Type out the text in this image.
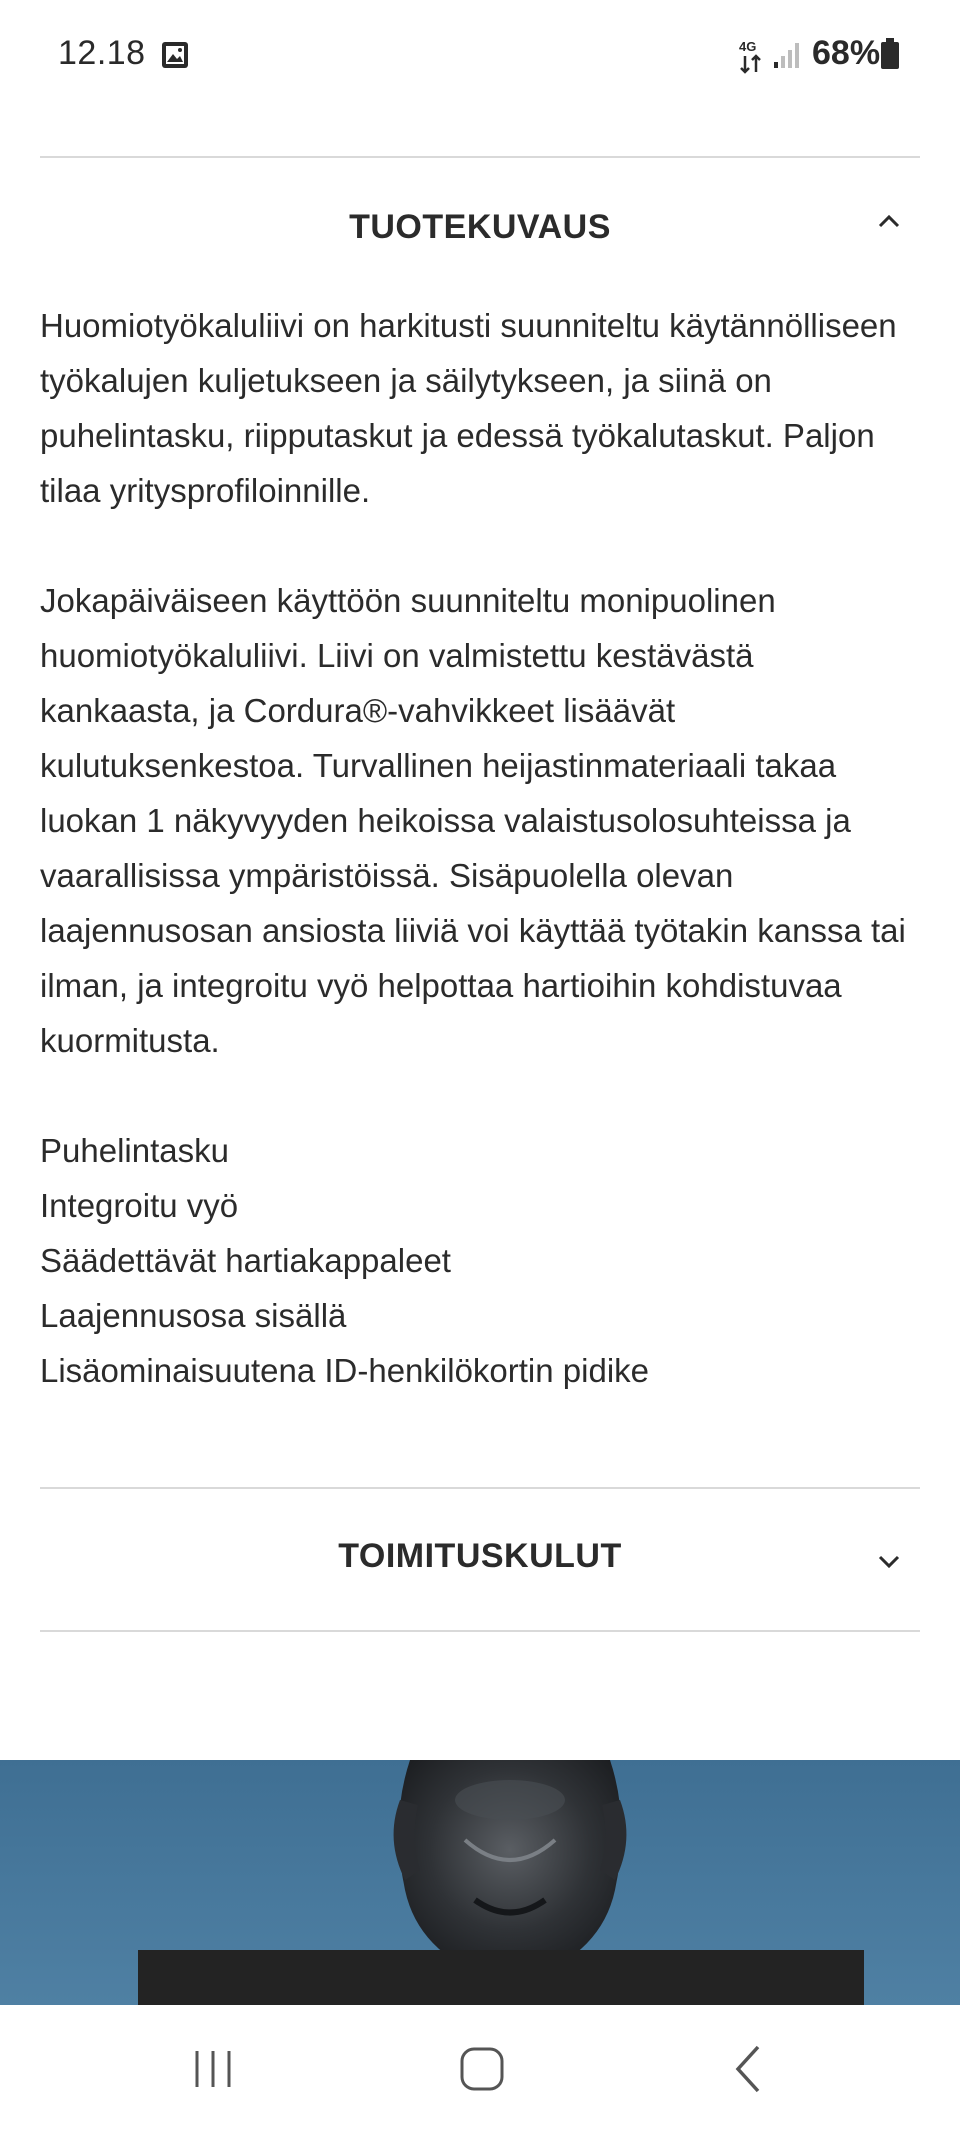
12.18	4G 68%
TUOTEKUVAUS

Huomiotyökaluliivi on harkitusti suunniteltu käytännölliseen työkalujen kuljetukseen ja säilytykseen, ja siinä on puhelintasku, riipputaskut ja edessä työkalutaskut. Paljon tilaa yritysprofiloinnille.

Jokapäiväiseen käyttöön suunniteltu monipuolinen huomiotyökaluliivi. Liivi on valmistettu kestävästä kankaasta, ja Cordura®-vahvikkeet lisäävät kulutuksenkestoa. Turvallinen heijastinmateriaali takaa luokan 1 näkyvyyden heikoissa valaistusolosuhteissa ja vaarallisissa ympäristöissä. Sisäpuolella olevan laajennusosan ansiosta liiviä voi käyttää työtakin kanssa tai ilman, ja integroitu vyö helpottaa hartioihin kohdistuvaa kuormitusta.

Puhelintasku
Integroitu vyö
Säädettävät hartiakappaleet
Laajennusosa sisällä
Lisäominaisuutena ID-henkilökortin pidike
TOIMITUSKULUT
